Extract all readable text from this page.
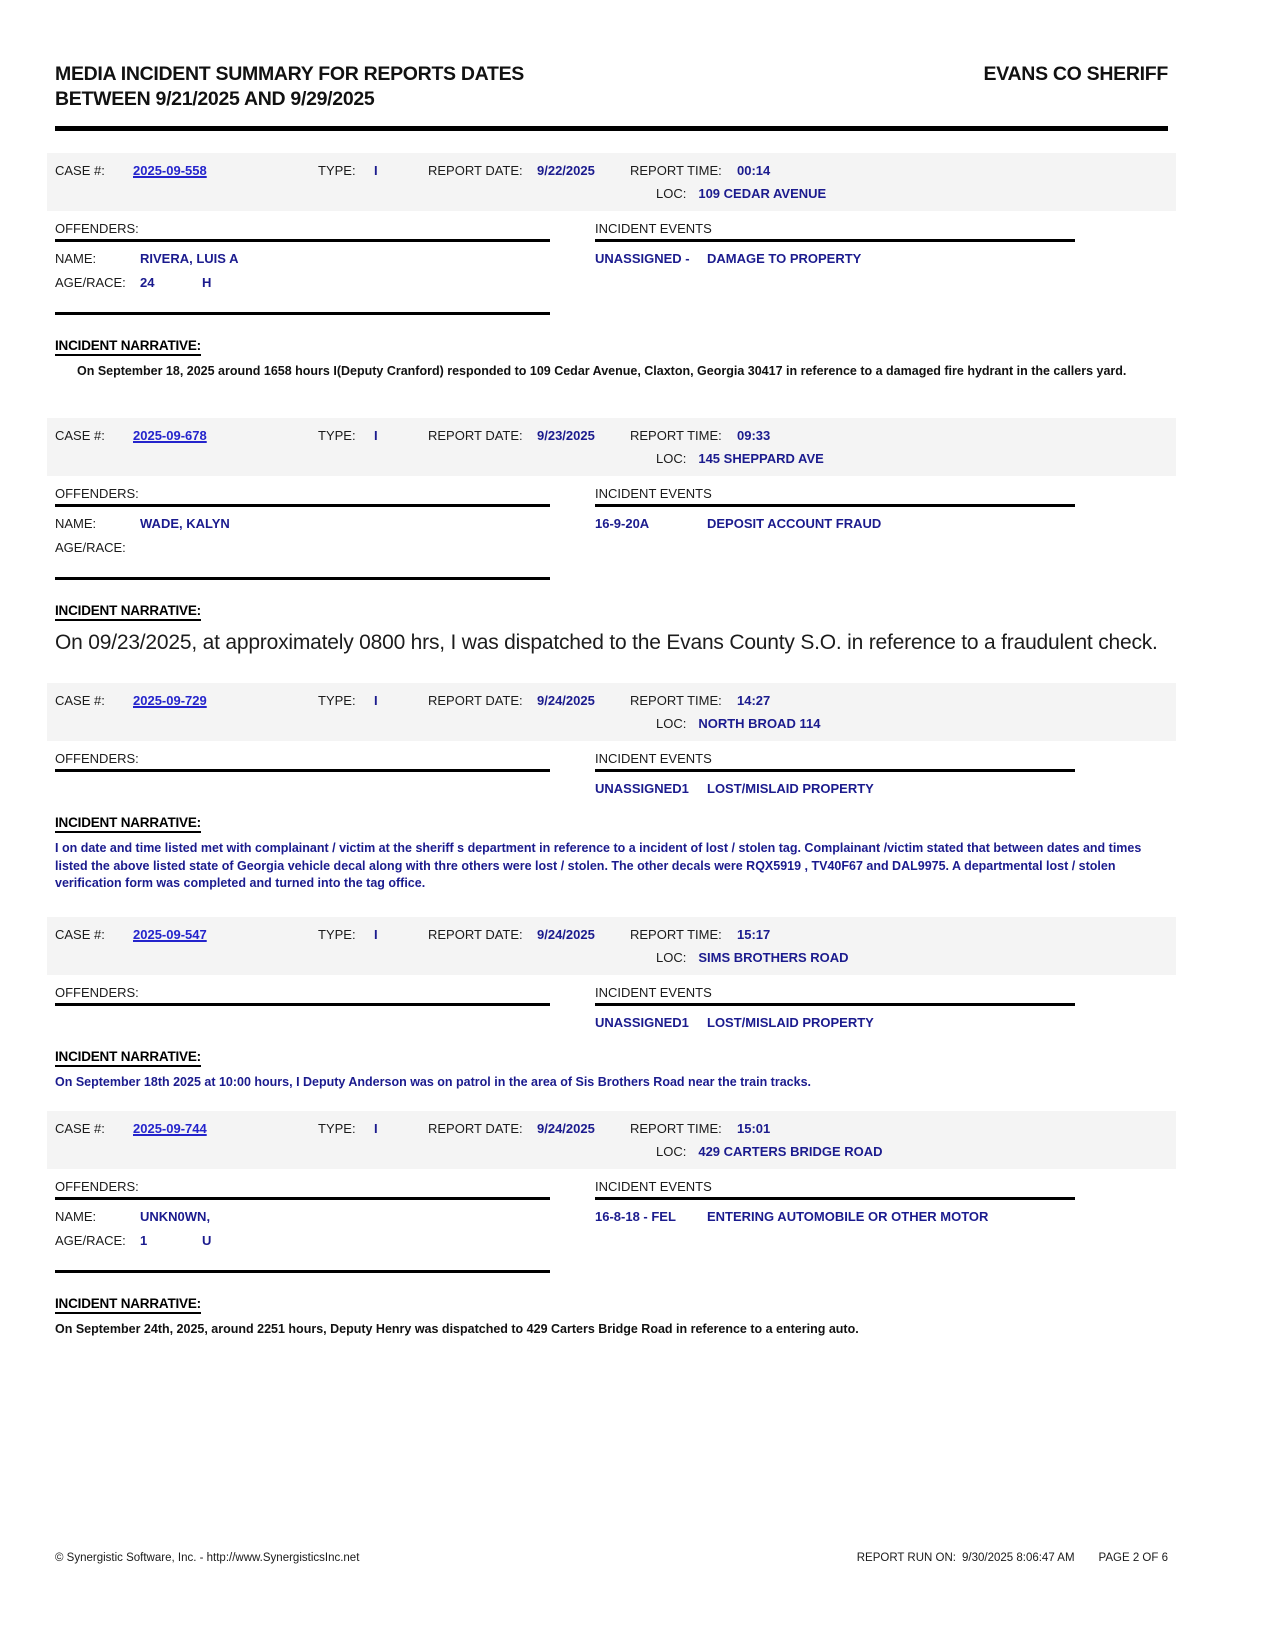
MEDIA INCIDENT SUMMARY FOR REPORTS DATES
BETWEEN 9/21/2025 AND 9/29/2025
EVANS CO SHERIFF
CASE #:	2025-09-558	TYPE:	I	REPORT DATE:	9/22/2025	REPORT TIME:	00:14
LOC: 109 CEDAR AVENUE
OFFENDERS:
NAME:	RIVERA, LUIS A
AGE/RACE:	24	H
INCIDENT EVENTS
UNASSIGNED -	DAMAGE TO PROPERTY
INCIDENT NARRATIVE:

On September 18, 2025 around 1658 hours I(Deputy Cranford) responded to 109 Cedar Avenue, Claxton, Georgia 30417 in reference to a damaged fire hydrant in the callers yard.

CASE #:	2025-09-678	TYPE:	I	REPORT DATE:	9/23/2025	REPORT TIME:	09:33
LOC: 145 SHEPPARD AVE
OFFENDERS:
NAME:	WADE, KALYN
AGE/RACE:
INCIDENT EVENTS
16-9-20A	DEPOSIT ACCOUNT FRAUD
INCIDENT NARRATIVE:

On 09/23/2025, at approximately 0800 hrs, I was dispatched to the Evans County S.O. in reference to a fraudulent check.

CASE #:	2025-09-729	TYPE:	I	REPORT DATE:	9/24/2025	REPORT TIME:	14:27
LOC: NORTH BROAD 114
OFFENDERS:	INCIDENT EVENTS
UNASSIGNED1	LOST/MISLAID PROPERTY
INCIDENT NARRATIVE:

I on date and time listed met with complainant / victim at the sheriff s department in reference to a incident of lost / stolen tag. Complainant /victim stated that between dates and times listed the above listed state of Georgia vehicle decal along with thre others were lost / stolen. The other decals were RQX5919 , TV40F67 and DAL9975. A departmental lost / stolen verification form was completed and turned into the tag office.

CASE #:	2025-09-547	TYPE:	I	REPORT DATE:	9/24/2025	REPORT TIME:	15:17
LOC: SIMS BROTHERS ROAD
OFFENDERS:	INCIDENT EVENTS
UNASSIGNED1	LOST/MISLAID PROPERTY
INCIDENT NARRATIVE:

On September 18th 2025 at 10:00 hours, I Deputy Anderson was on patrol in the area of Sis Brothers Road near the train tracks.

CASE #:	2025-09-744	TYPE:	I	REPORT DATE:	9/24/2025	REPORT TIME:	15:01
LOC: 429 CARTERS BRIDGE ROAD
OFFENDERS:
NAME:	UNKN0WN,
AGE/RACE:	1	U
INCIDENT EVENTS
16-8-18 - FEL	ENTERING AUTOMOBILE OR OTHER MOTOR
INCIDENT NARRATIVE:

On September 24th, 2025, around 2251 hours, Deputy Henry was dispatched to 429 Carters Bridge Road in reference to a entering auto.

© Synergistic Software, Inc. - http://www.SynergisticsInc.net	REPORT RUN ON: 9/30/2025 8:06:47 AM PAGE 2 OF 6
